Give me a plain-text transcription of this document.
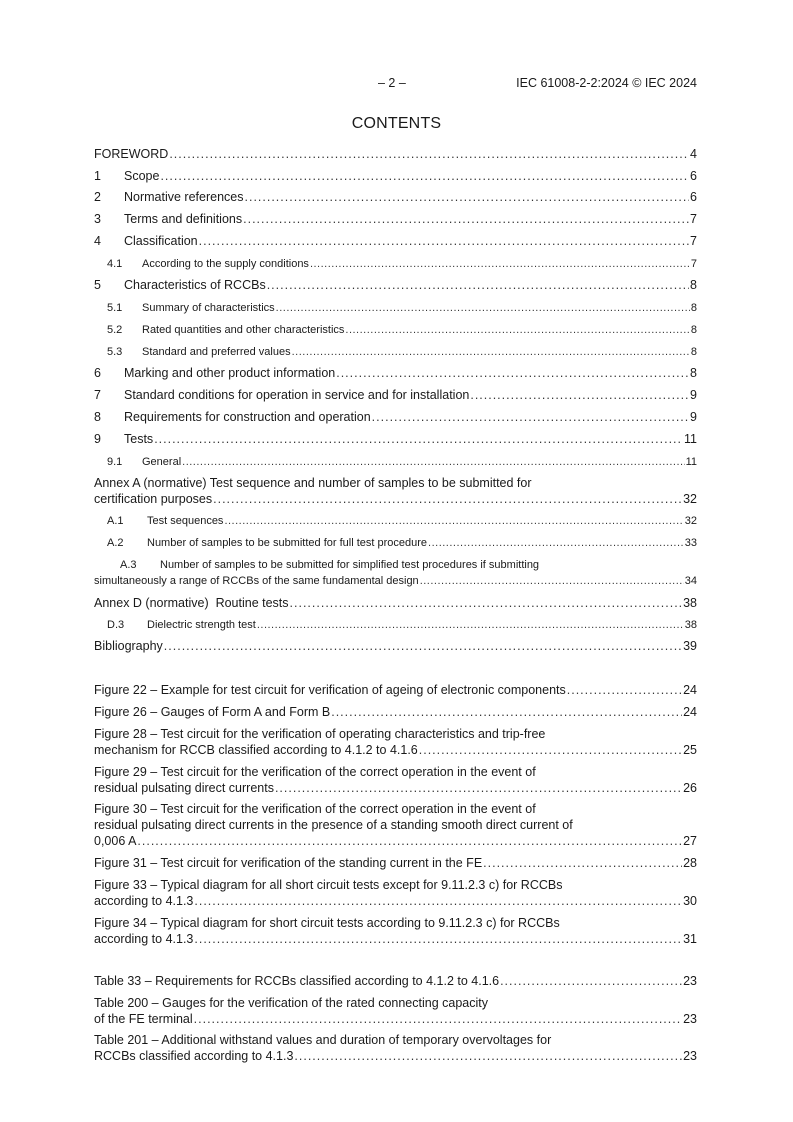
– 2 –	IEC 61008-2-2:2024 © IEC 2024
CONTENTS
FOREWORD .....	4
1	Scope .....	6
2	Normative references .....	6
3	Terms and definitions .....	7
4	Classification .....	7
4.1	According to the supply conditions .....	7
5	Characteristics of RCCBs .....	8
5.1	Summary of characteristics .....	8
5.2	Rated quantities and other characteristics .....	8
5.3	Standard and preferred values .....	8
6	Marking and other product information .....	8
7	Standard conditions for operation in service and for installation .....	9
8	Requirements for construction and operation .....	9
9	Tests .....	11
9.1	General .....	11
Annex A (normative) Test sequence and number of samples to be submitted for
certification purposes .....	32
A.1	Test sequences .....	32
A.2	Number of samples to be submitted for full test procedure .....	33
A.3 Number of samples to be submitted for simplified test procedures if submitting
simultaneously a range of RCCBs of the same fundamental design .....	34
Annex D (normative)  Routine tests .....	38
D.3	Dielectric strength test .....	38
Bibliography .....	39
Figure 22 – Example for test circuit for verification of ageing of electronic components .....	24
Figure 26 – Gauges of Form A and Form B .....	24
Figure 28 – Test circuit for the verification of operating characteristics and trip-free
mechanism for RCCB classified according to 4.1.2 to 4.1.6 .....	25
Figure 29 – Test circuit for the verification of the correct operation in the event of
residual pulsating direct currents .....	26
Figure 30 – Test circuit for the verification of the correct operation in the event of
residual pulsating direct currents in the presence of a standing smooth direct current of
0,006 A .....	27
Figure 31 – Test circuit for verification of the standing current in the FE .....	28
Figure 33 – Typical diagram for all short circuit tests except for 9.11.2.3 c) for RCCBs
according to 4.1.3 .....	30
Figure 34 – Typical diagram for short circuit tests according to 9.11.2.3 c) for RCCBs
according to 4.1.3 .....	31
Table 33 – Requirements for RCCBs classified according to 4.1.2 to 4.1.6 .....	23
Table 200 – Gauges for the verification of the rated connecting capacity
of the FE terminal .....	23
Table 201 – Additional withstand values and duration of temporary overvoltages for
RCCBs classified according to 4.1.3 .....	23
